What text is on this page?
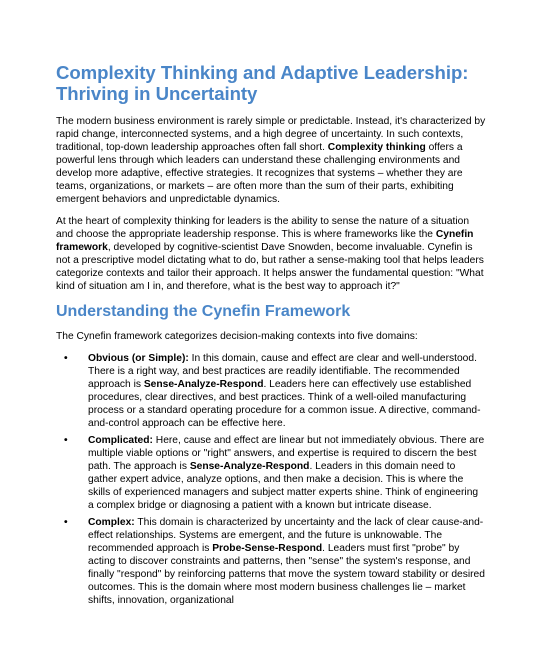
Complexity Thinking and Adaptive Leadership: Thriving in Uncertainty

The modern business environment is rarely simple or predictable. Instead, it's characterized by rapid change, interconnected systems, and a high degree of uncertainty. In such contexts, traditional, top-down leadership approaches often fall short. Complexity thinking offers a powerful lens through which leaders can understand these challenging environments and develop more adaptive, effective strategies. It recognizes that systems – whether they are teams, organizations, or markets – are often more than the sum of their parts, exhibiting emergent behaviors and unpredictable dynamics.

At the heart of complexity thinking for leaders is the ability to sense the nature of a situation and choose the appropriate leadership response. This is where frameworks like the Cynefin framework, developed by cognitive-scientist Dave Snowden, become invaluable. Cynefin is not a prescriptive model dictating what to do, but rather a sense-making tool that helps leaders categorize contexts and tailor their approach. It helps answer the fundamental question: "What kind of situation am I in, and therefore, what is the best way to approach it?"

Understanding the Cynefin Framework

The Cynefin framework categorizes decision-making contexts into five domains:

• Obvious (or Simple): In this domain, cause and effect are clear and well-understood. There is a right way, and best practices are readily identifiable. The recommended approach is Sense-Analyze-Respond. Leaders here can effectively use established procedures, clear directives, and best practices. Think of a well-oiled manufacturing process or a standard operating procedure for a common issue. A directive, command-and-control approach can be effective here.
• Complicated: Here, cause and effect are linear but not immediately obvious. There are multiple viable options or "right" answers, and expertise is required to discern the best path. The approach is Sense-Analyze-Respond. Leaders in this domain need to gather expert advice, analyze options, and then make a decision. This is where the skills of experienced managers and subject matter experts shine. Think of engineering a complex bridge or diagnosing a patient with a known but intricate disease.
• Complex: This domain is characterized by uncertainty and the lack of clear cause-and-effect relationships. Systems are emergent, and the future is unknowable. The recommended approach is Probe-Sense-Respond. Leaders must first "probe" by acting to discover constraints and patterns, then "sense" the system's response, and finally "respond" by reinforcing patterns that move the system toward stability or desired outcomes. This is the domain where most modern business challenges lie – market shifts, innovation, organizational
